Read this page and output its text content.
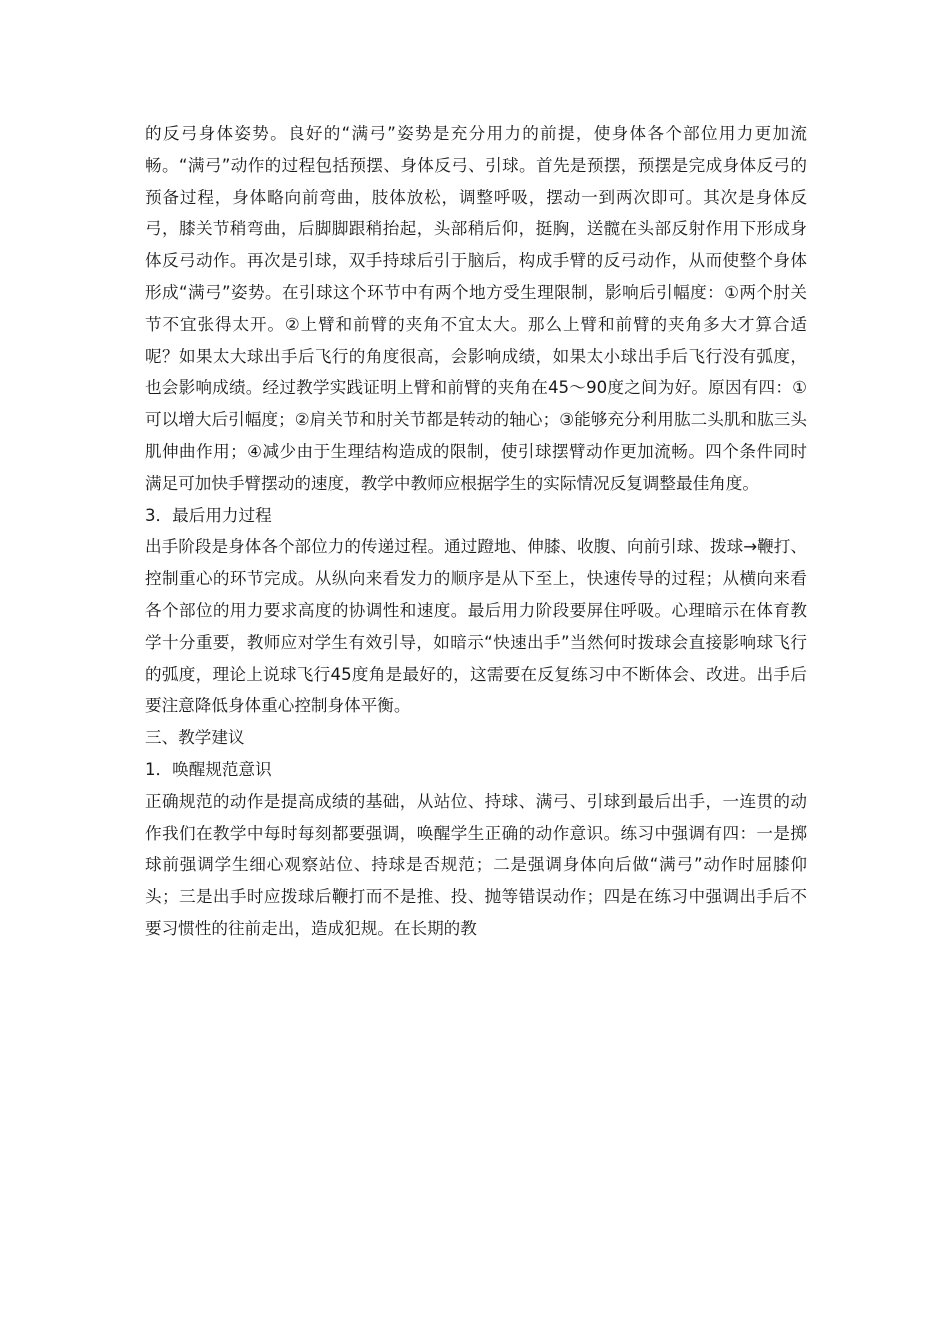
的反弓身体姿势。良好的“满弓”姿势是充分用力的前提，使身体各个部位用力更加流畅。“满弓”动作的过程包括预摆、身体反弓、引球。首先是预摆，预摆是完成身体反弓的预备过程，身体略向前弯曲，肢体放松，调整呼吸，摆动一到两次即可。其次是身体反弓，膝关节稍弯曲，后脚脚跟稍抬起，头部稍后仰，挺胸，送髋在头部反射作用下形成身体反弓动作。再次是引球，双手持球后引于脑后，构成手臂的反弓动作，从而使整个身体形成“满弓”姿势。在引球这个环节中有两个地方受生理限制，影响后引幅度：①两个肘关节不宜张得太开。②上臂和前臂的夹角不宜太大。那么上臂和前臂的夹角多大才算合适呢？如果太大球出手后飞行的角度很高，会影响成绩，如果太小球出手后飞行没有弧度，也会影响成绩。经过教学实践证明上臂和前臂的夹角在45～90度之间为好。原因有四：①可以增大后引幅度；②肩关节和肘关节都是转动的轴心；③能够充分利用肱二头肌和肱三头肌伸曲作用；④减少由于生理结构造成的限制，使引球摆臂动作更加流畅。四个条件同时满足可加快手臂摆动的速度，教学中教师应根据学生的实际情况反复调整最佳角度。

3．最后用力过程

出手阶段是身体各个部位力的传递过程。通过蹬地、伸膝、收腹、向前引球、拨球→鞭打、控制重心的环节完成。从纵向来看发力的顺序是从下至上，快速传导的过程；从横向来看各个部位的用力要求高度的协调性和速度。最后用力阶段要屏住呼吸。心理暗示在体育教学十分重要，教师应对学生有效引导，如暗示“快速出手”当然何时拨球会直接影响球飞行的弧度，理论上说球飞行45度角是最好的，这需要在反复练习中不断体会、改进。出手后要注意降低身体重心控制身体平衡。

三、教学建议

1．唤醒规范意识

正确规范的动作是提高成绩的基础，从站位、持球、满弓、引球到最后出手，一连贯的动作我们在教学中每时每刻都要强调，唤醒学生正确的动作意识。练习中强调有四：一是掷球前强调学生细心观察站位、持球是否规范；二是强调身体向后做“满弓”动作时屈膝仰头；三是出手时应拨球后鞭打而不是推、投、抛等错误动作；四是在练习中强调出手后不要习惯性的往前走出，造成犯规。在长期的教
